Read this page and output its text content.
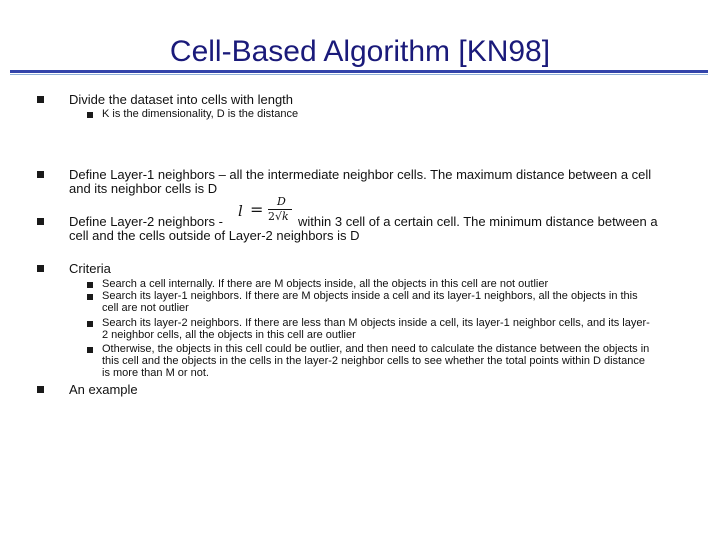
Cell-Based Algorithm [KN98]
Divide the dataset into cells with length
K is the dimensionality, D is the distance
Define Layer-1 neighbors – all the intermediate neighbor cells. The maximum distance between a cell
and its neighbor cells is D
l = D
2√k
Define Layer-2 neighbors -	within 3 cell of a certain cell. The minimum distance between a
cell and the cells outside of Layer-2 neighbors is D
Criteria
Search a cell internally. If there are M objects inside, all the objects in this cell are not outlier
Search its layer-1 neighbors. If there are M objects inside a cell and its layer-1 neighbors, all the objects in this
cell are not outlier
Search its layer-2 neighbors. If there are less than M objects inside a cell, its layer-1 neighbor cells, and its layer-
2 neighbor cells, all the objects in this cell are outlier
Otherwise, the objects in this cell could be outlier, and then need to calculate the distance between the objects in
this cell and the objects in the cells in the layer-2 neighbor cells to see whether the total points within D distance
is more than M or not.
An example
